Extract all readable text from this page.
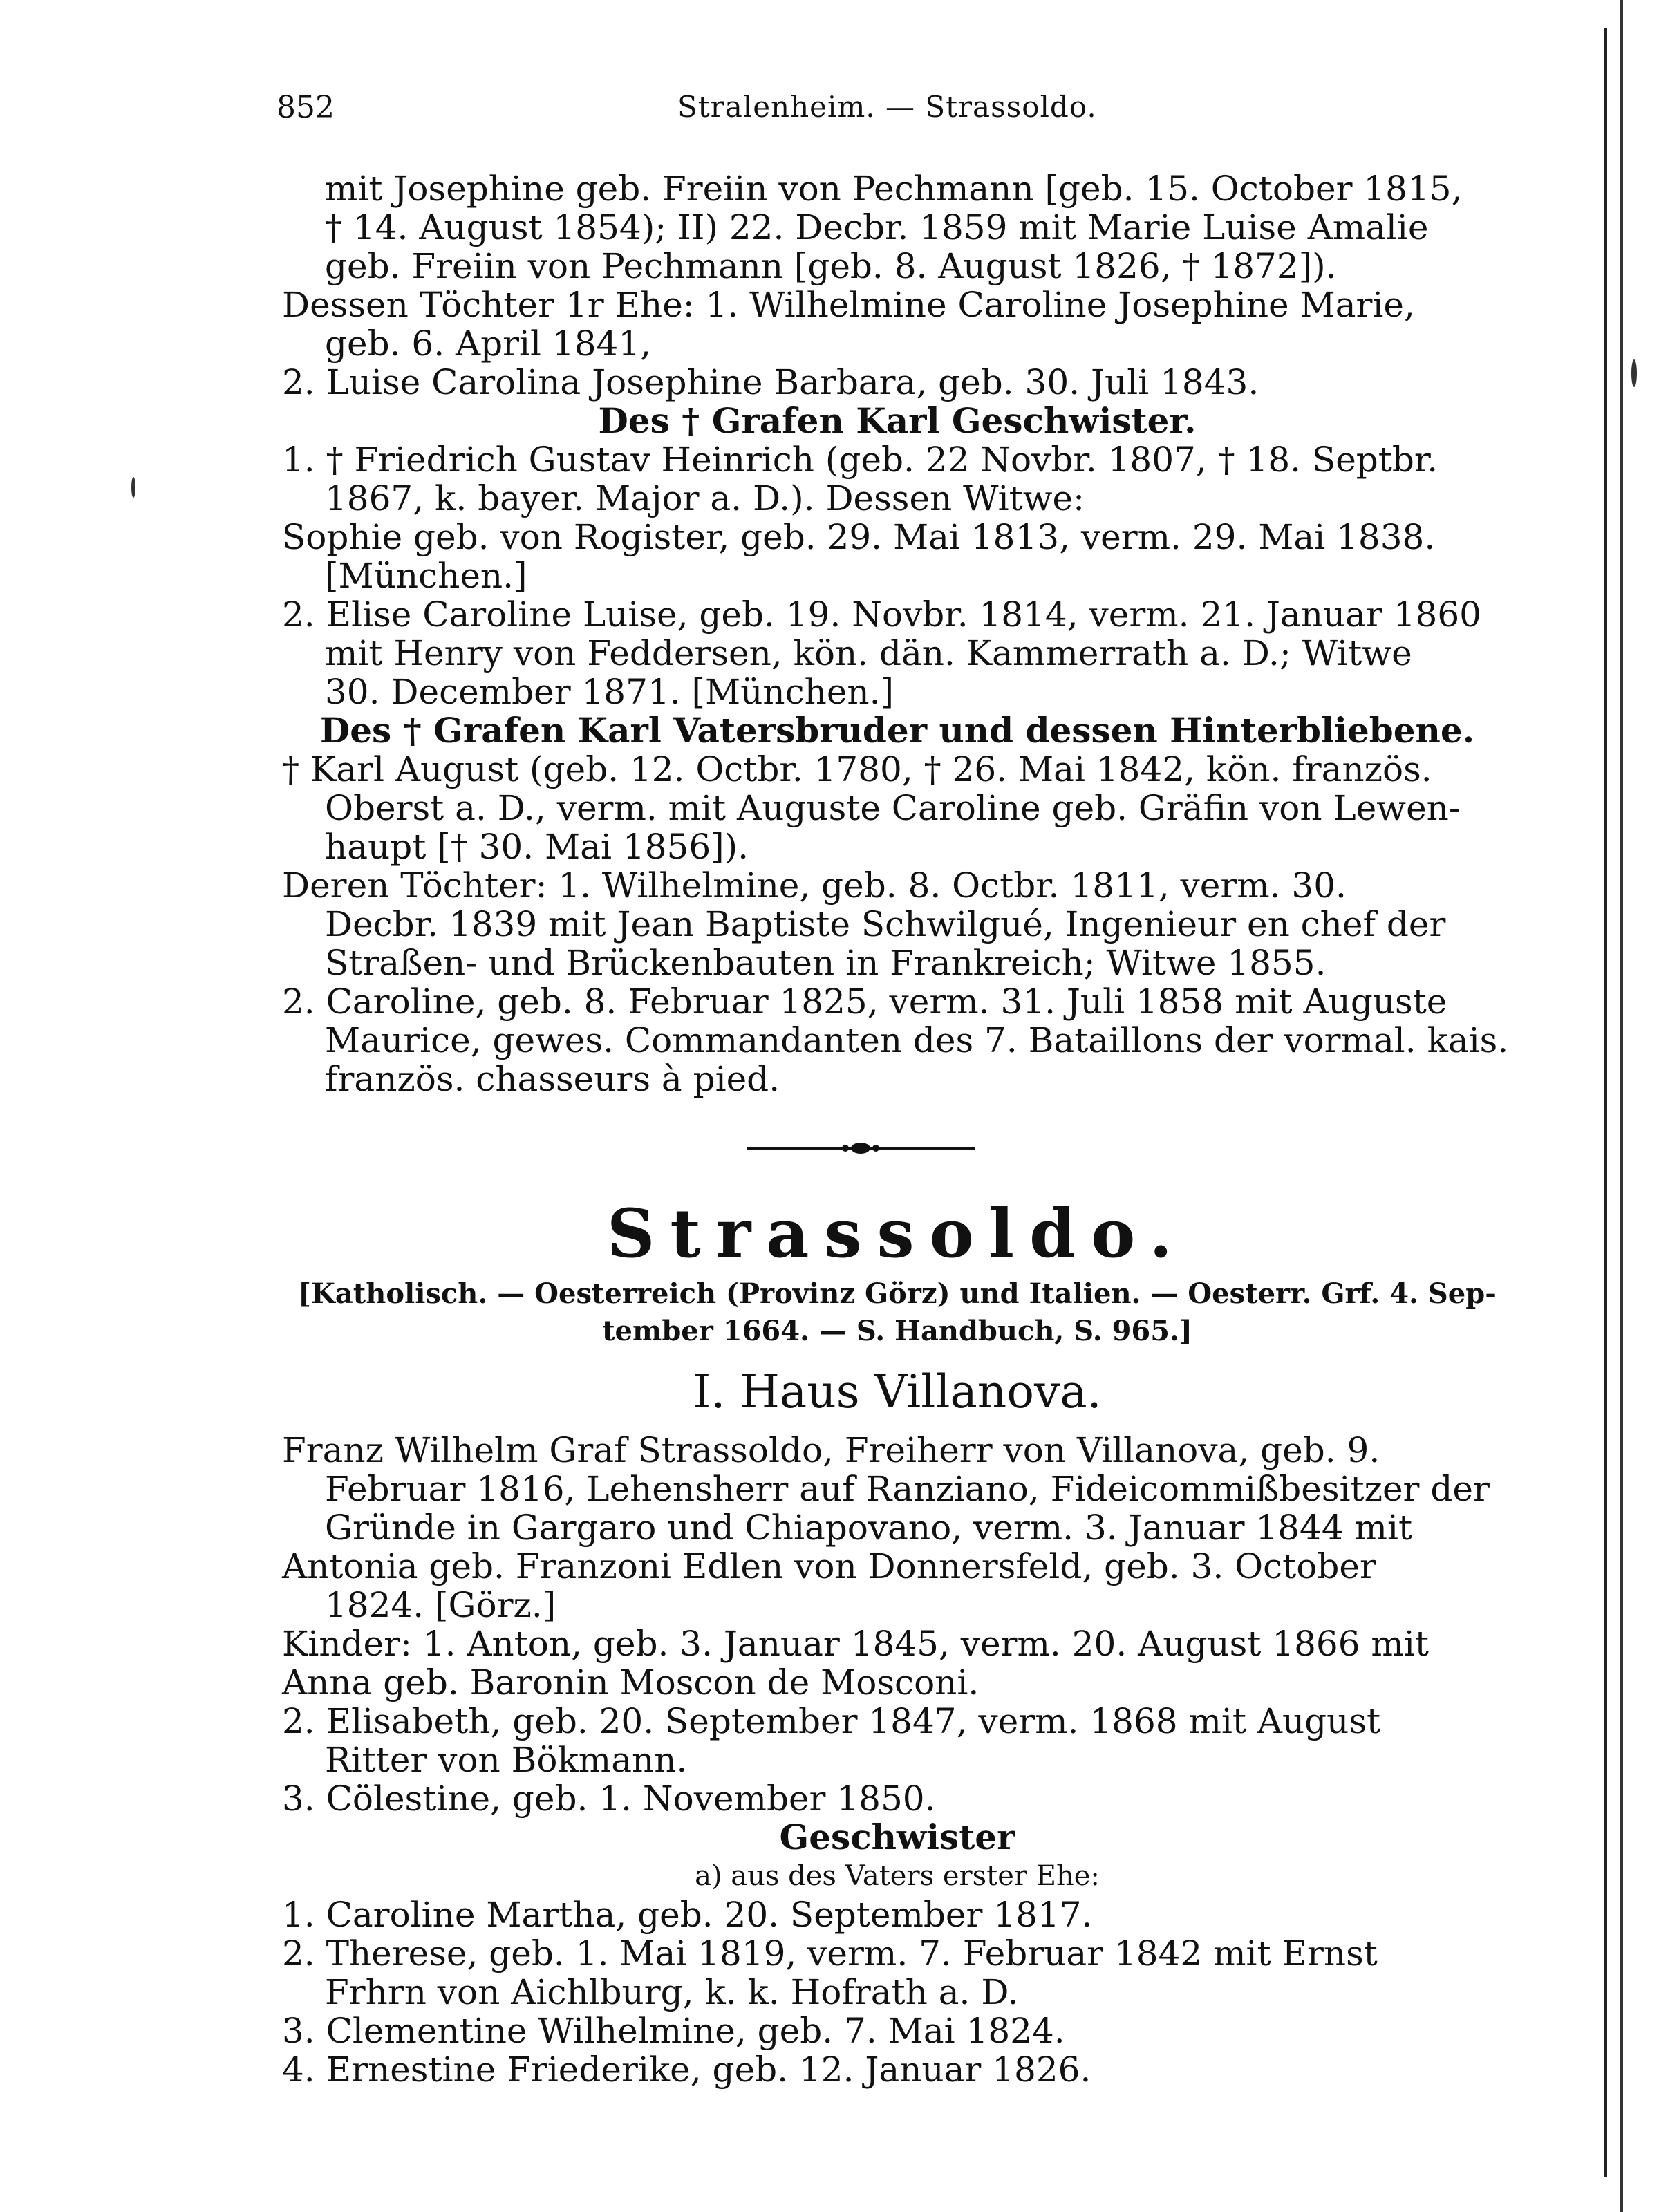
852	Stralenheim. — Strassoldo.

mit Josephine geb. Freiin von Pechmann [geb. 15. October 1815,

† 14. August 1854); II) 22. Decbr. 1859 mit Marie Luise Amalie

geb. Freiin von Pechmann [geb. 8. August 1826, † 1872]).

Dessen Töchter 1r Ehe: 1. Wilhelmine Caroline Josephine Marie,

geb. 6. April 1841,

2. Luise Carolina Josephine Barbara, geb. 30. Juli 1843.

Des † Grafen Karl Geschwister.

1. † Friedrich Gustav Heinrich (geb. 22 Novbr. 1807, † 18. Septbr.

1867, k. bayer. Major a. D.). Dessen Witwe:

Sophie geb. von Rogister, geb. 29. Mai 1813, verm. 29. Mai 1838.

[München.]

2. Elise Caroline Luise, geb. 19. Novbr. 1814, verm. 21. Januar 1860

mit Henry von Feddersen, kön. dän. Kammerrath a. D.; Witwe

30. December 1871. [München.]

Des † Grafen Karl Vatersbruder und dessen Hinterbliebene.

† Karl August (geb. 12. Octbr. 1780, † 26. Mai 1842, kön. französ.

Oberst a. D., verm. mit Auguste Caroline geb. Gräfin von Lewen-

haupt [† 30. Mai 1856]).

Deren Töchter: 1. Wilhelmine, geb. 8. Octbr. 1811, verm. 30.

Decbr. 1839 mit Jean Baptiste Schwilgué, Ingenieur en chef der

Straßen- und Brückenbauten in Frankreich; Witwe 1855.

2. Caroline, geb. 8. Februar 1825, verm. 31. Juli 1858 mit Auguste

Maurice, gewes. Commandanten des 7. Bataillons der vormal. kais.

französ. chasseurs à pied.

Strassoldo.
[Katholisch. — Oesterreich (Provinz Görz) und Italien. — Oesterr. Grf. 4. Sep-
tember 1664. — S. Handbuch, S. 965.]
I. Haus Villanova.

Franz Wilhelm Graf Strassoldo, Freiherr von Villanova, geb. 9.

Februar 1816, Lehensherr auf Ranziano, Fideicommißbesitzer der

Gründe in Gargaro und Chiapovano, verm. 3. Januar 1844 mit

Antonia geb. Franzoni Edlen von Donnersfeld, geb. 3. October

1824. [Görz.]

Kinder: 1. Anton, geb. 3. Januar 1845, verm. 20. August 1866 mit

Anna geb. Baronin Moscon de Mosconi.

2. Elisabeth, geb. 20. September 1847, verm. 1868 mit August

Ritter von Bökmann.

3. Cölestine, geb. 1. November 1850.

Geschwister

a) aus des Vaters erster Ehe:

1. Caroline Martha, geb. 20. September 1817.

2. Therese, geb. 1. Mai 1819, verm. 7. Februar 1842 mit Ernst

Frhrn von Aichlburg, k. k. Hofrath a. D.

3. Clementine Wilhelmine, geb. 7. Mai 1824.

4. Ernestine Friederike, geb. 12. Januar 1826.
